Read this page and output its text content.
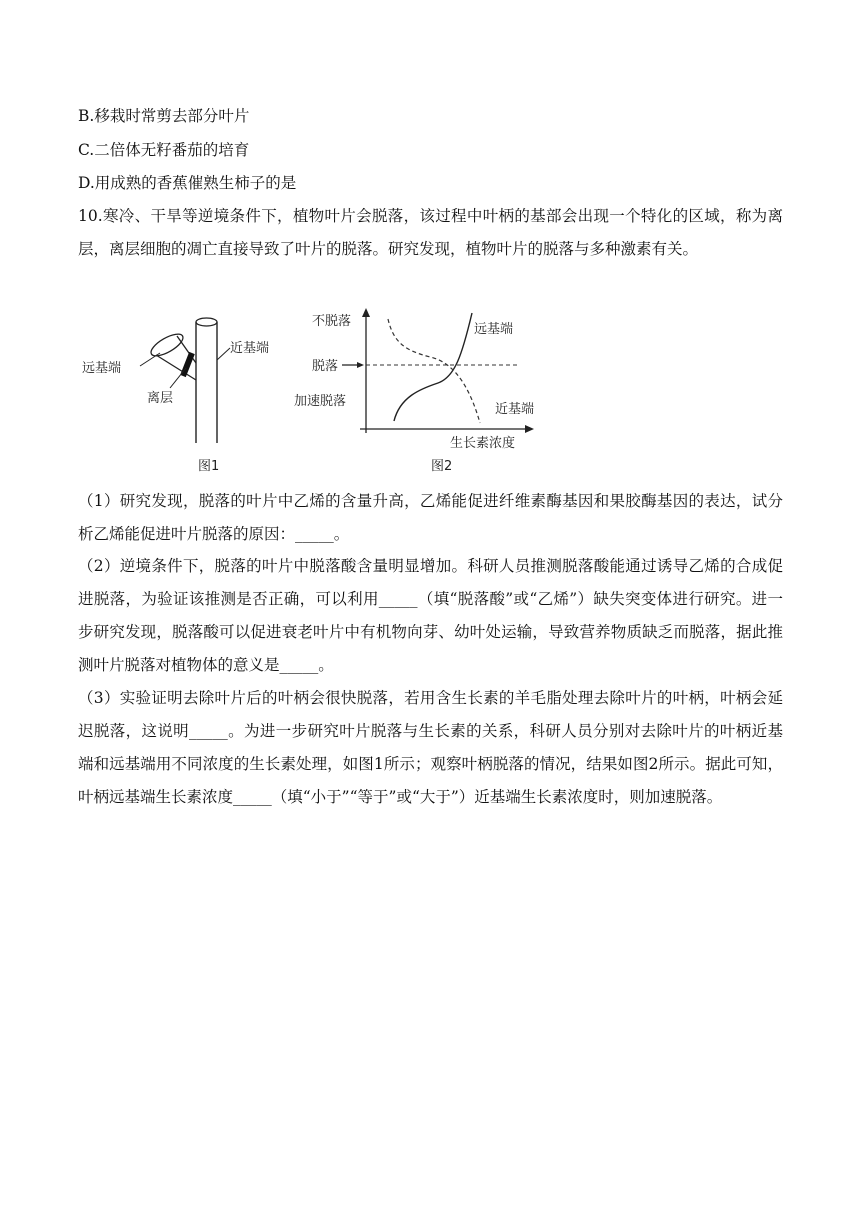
B.移栽时常剪去部分叶片
C.二倍体无籽番茄的培育
D.用成熟的香蕉催熟生柿子的是
10.寒冷、干旱等逆境条件下，植物叶片会脱落，该过程中叶柄的基部会出现一个特化的区域，称为离层，离层细胞的凋亡直接导致了叶片的脱落。研究发现，植物叶片的脱落与多种激素有关。
远基端
近基端
离层
图1
不脱落
脱落
加速脱落
远基端
近基端
生长素浓度
图2
（1）研究发现，脱落的叶片中乙烯的含量升高，乙烯能促进纤维素酶基因和果胶酶基因的表达，试分析乙烯能促进叶片脱落的原因：_____。
（2）逆境条件下，脱落的叶片中脱落酸含量明显增加。科研人员推测脱落酸能通过诱导乙烯的合成促进脱落，为验证该推测是否正确，可以利用_____（填“脱落酸”或“乙烯”）缺失突变体进行研究。进一步研究发现，脱落酸可以促进衰老叶片中有机物向芽、幼叶处运输，导致营养物质缺乏而脱落，据此推测叶片脱落对植物体的意义是_____。
（3）实验证明去除叶片后的叶柄会很快脱落，若用含生长素的羊毛脂处理去除叶片的叶柄，叶柄会延迟脱落，这说明_____。为进一步研究叶片脱落与生长素的关系，科研人员分别对去除叶片的叶柄近基端和远基端用不同浓度的生长素处理，如图1所示；观察叶柄脱落的情况，结果如图2所示。据此可知，叶柄远基端生长素浓度_____（填“小于”“等于”或“大于”）近基端生长素浓度时，则加速脱落。
